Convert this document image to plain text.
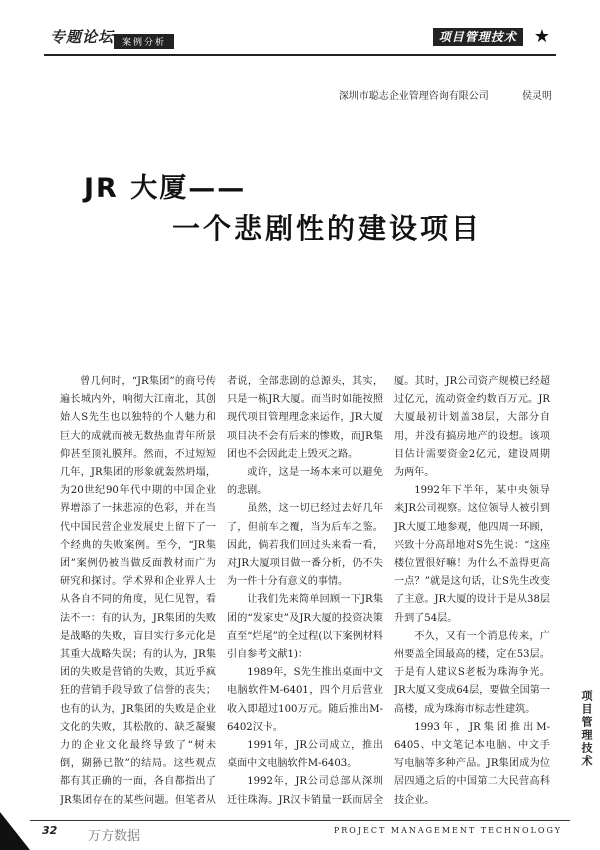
专题论坛 案例分析	项目管理技术 ★
深圳市聪志企业管理咨询有限公司	侯灵明
JR 大厦——
一个悲剧性的建设项目

曾几何时，“JR集团”的商号传遍长城内外，响彻大江南北，其创始人S先生也以独特的个人魅力和巨大的成就而被无数热血青年所景仰甚至顶礼膜拜。然而，不过短短几年，JR集团的形象就轰然坍塌，为20世纪90年代中期的中国企业界增添了一抹悲凉的色彩，并在当代中国民营企业发展史上留下了一个经典的失败案例。至今，“JR集团”案例仍被当做反面教材而广为研究和探讨。学术界和企业界人士从各自不同的角度，见仁见智，看法不一：有的认为，JR集团的失败是战略的失败，盲目实行多元化是其重大战略失误；有的认为，JR集团的失败是营销的失败，其近乎疯狂的营销手段导致了信誉的丧失；也有的认为，JR集团的失败是企业文化的失败，其松散的、缺乏凝聚力的企业文化最终导致了“树未倒，猢狲已散”的结局。这些观点都有其正确的一面，各自都指出了JR集团存在的某些问题。但笔者从

者说，全部悲剧的总源头，其实，只是一栋JR大厦。而当时如能按照现代项目管理理念来运作，JR大厦项目决不会有后来的惨败，而JR集团也不会因此走上毁灭之路。

或许，这是一场本来可以避免的悲剧。

虽然，这一切已经过去好几年了，但前车之覆，当为后车之鉴。因此，倘若我们回过头来看一看，对JR大厦项目做一番分析，仍不失为一件十分有意义的事情。

让我们先来简单回顾一下JR集团的“发家史”及JR大厦的投资决策直至“烂尾”的全过程(以下案例材料引自参考文献1)：

1989年，S先生推出桌面中文电脑软件M-6401，四个月后营业收入即超过100万元。随后推出M-6402汉卡。

1991年，JR公司成立，推出桌面中文电脑软件M-6403。

1992年，JR公司总部从深圳迁往珠海。JR汉卡销量一跃而居全

厦。其时，JR公司资产规模已经超过亿元，流动资金约数百万元。JR大厦最初计划盖38层，大部分自用，并没有搞房地产的设想。该项目估计需要资金2亿元，建设周期为两年。

1992年下半年，某中央领导来JR公司视察。这位领导人被引到JR大厦工地参观，他四周一环顾，兴致十分高昂地对S先生说：“这座楼位置很好嘛！为什么不盖得更高一点？”就是这句话，让S先生改变了主意。JR大厦的设计于是从38层升到了54层。

不久，又有一个消息传来，广州要盖全国最高的楼，定在53层。于是有人建议S老板为珠海争光。JR大厦又变成64层，要做全国第一高楼，成为珠海市标志性建筑。

1993年，JR集团推出M-6405、中文笔记本电脑、中文手写电脑等多种产品。JR集团成为位居四通之后的中国第二大民营高科技企业。

项目管理技术
32 万方数据	PROJECT MANAGEMENT TECHNOLOGY
